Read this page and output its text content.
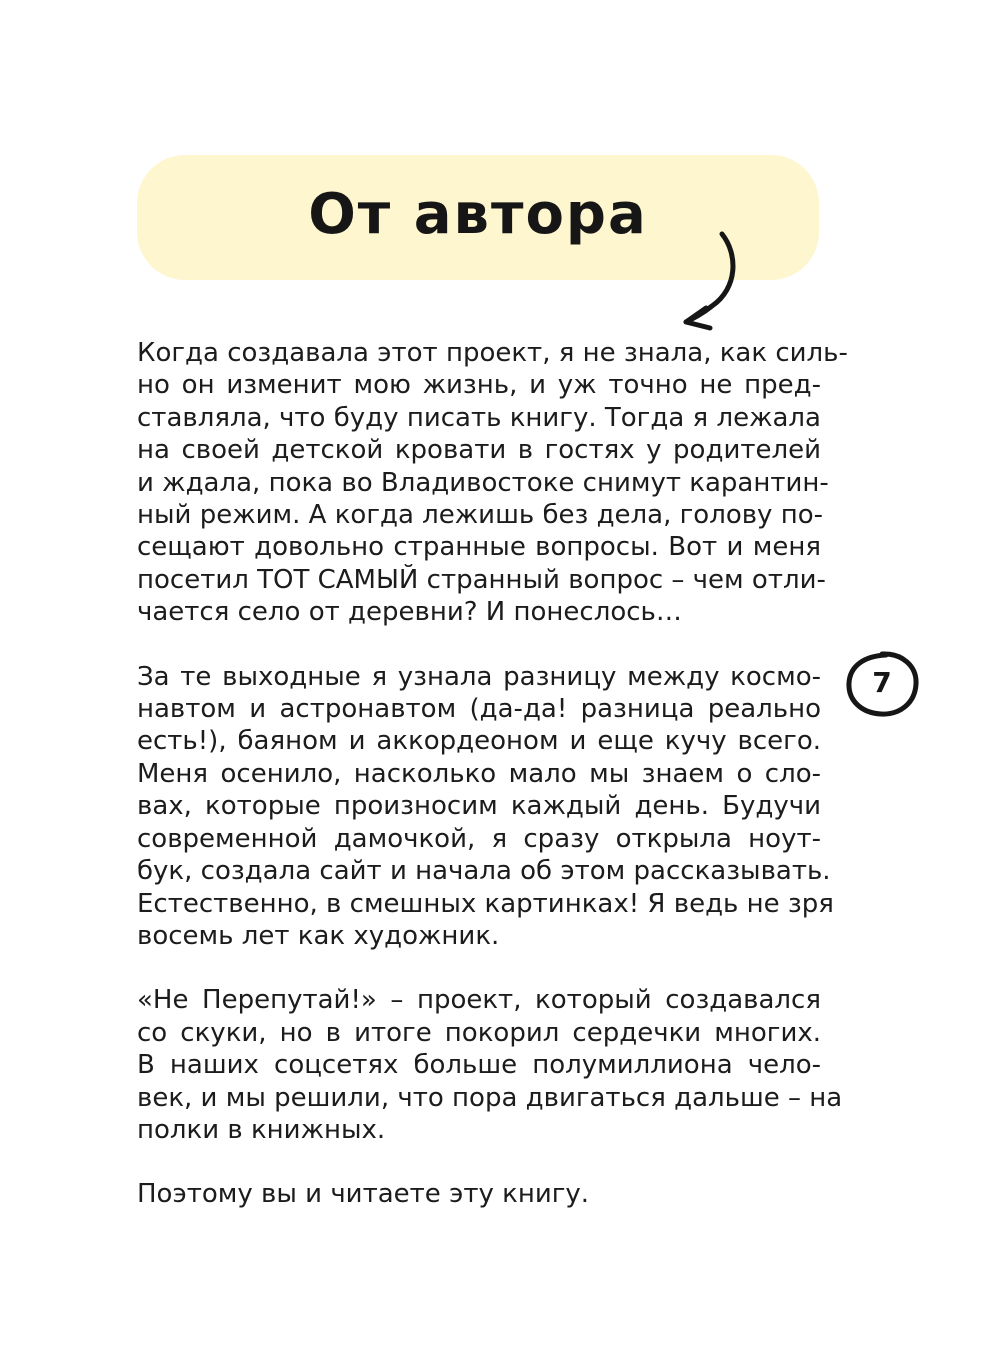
От автора

Когда создавала этот проект, я не знала, как силь-
но он изменит мою жизнь, и уж точно не пред-
ставляла, что буду писать книгу. Тогда я лежала
на своей детской кровати в гостях у родителей
и ждала, пока во Владивостоке снимут карантин-
ный режим. А когда лежишь без дела, голову по-
сещают довольно странные вопросы. Вот и меня
посетил ТОТ САМЫЙ странный вопрос – чем отли-
чается село от деревни? И понеслось…

За те выходные я узнала разницу между космо-
навтом и астронавтом (да-да! разница реально
есть!), баяном и аккордеоном и еще кучу всего.
Меня осенило, насколько мало мы знаем о сло-
вах, которые произносим каждый день. Будучи
современной дамочкой, я сразу открыла ноут-
бук, создала сайт и начала об этом рассказывать.
Естественно, в смешных картинках! Я ведь не зря
восемь лет как художник.

«Не Перепутай!» – проект, который создавался
со скуки, но в итоге покорил сердечки многих.
В наших соцсетях больше полумиллиона чело-
век, и мы решили, что пора двигаться дальше – на
полки в книжных.

Поэтому вы и читаете эту книгу.

7
